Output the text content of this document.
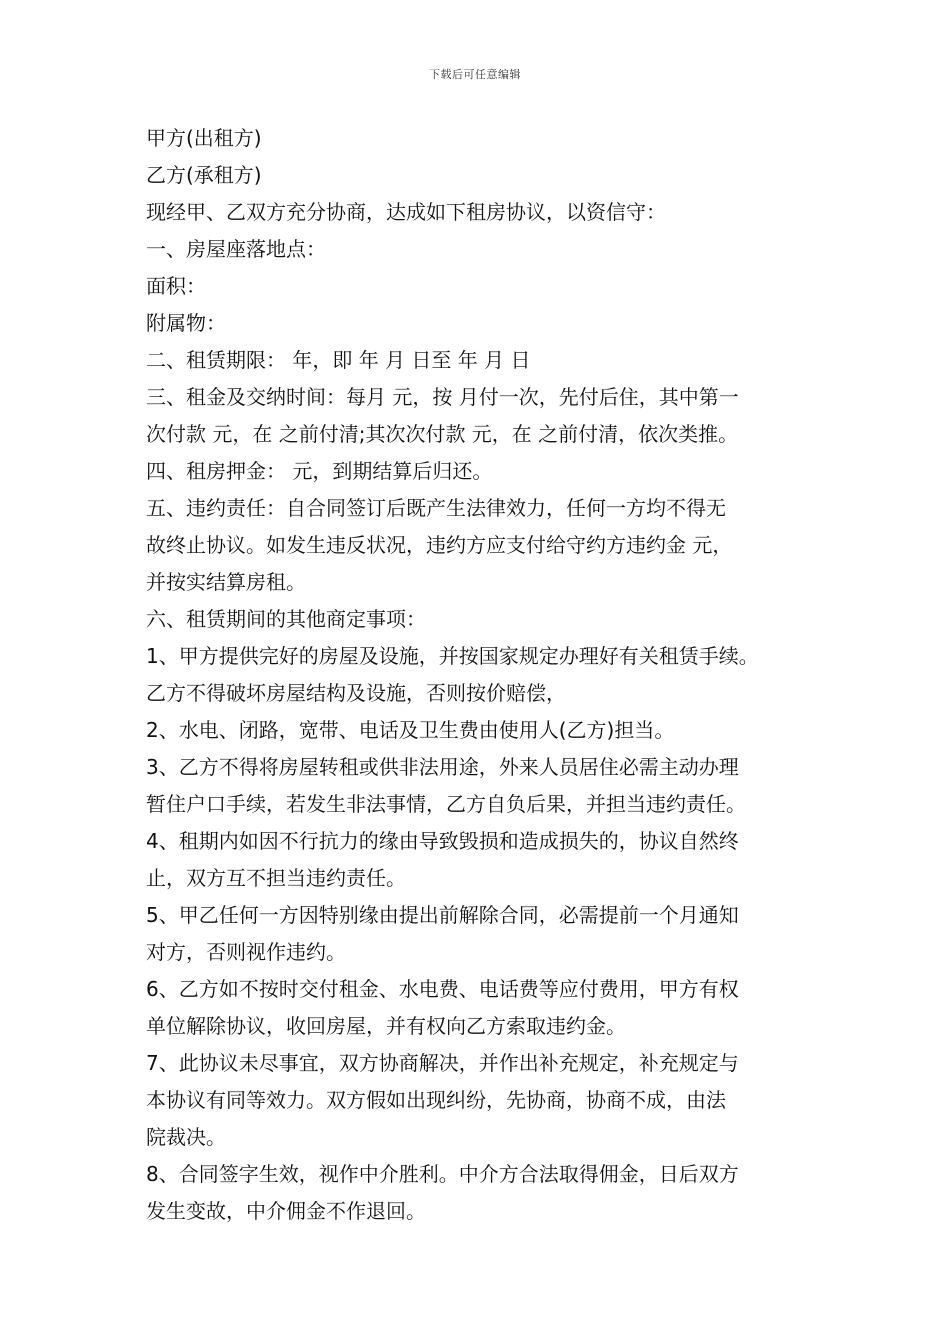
下载后可任意编辑
甲方(出租方)
乙方(承租方)
现经甲、乙双方充分协商，达成如下租房协议，以资信守：
一、房屋座落地点：
面积：
附属物：
二、租赁期限： 年，即 年 月 日至 年 月 日
三、租金及交纳时间：每月 元，按 月付一次，先付后住，其中第一
次付款 元，在 之前付清;其次次付款 元，在 之前付清，依次类推。
四、租房押金： 元，到期结算后归还。
五、违约责任：自合同签订后既产生法律效力，任何一方均不得无
故终止协议。如发生违反状况，违约方应支付给守约方违约金 元，
并按实结算房租。
六、租赁期间的其他商定事项：
1、甲方提供完好的房屋及设施，并按国家规定办理好有关租赁手续。
乙方不得破坏房屋结构及设施，否则按价赔偿，
2、水电、闭路，宽带、电话及卫生费由使用人(乙方)担当。
3、乙方不得将房屋转租或供非法用途，外来人员居住必需主动办理
暂住户口手续，若发生非法事情，乙方自负后果，并担当违约责任。
4、租期内如因不行抗力的缘由导致毁损和造成损失的，协议自然终
止，双方互不担当违约责任。
5、甲乙任何一方因特别缘由提出前解除合同，必需提前一个月通知
对方，否则视作违约。
6、乙方如不按时交付租金、水电费、电话费等应付费用，甲方有权
单位解除协议，收回房屋，并有权向乙方索取违约金。
7、此协议未尽事宜，双方协商解决，并作出补充规定，补充规定与
本协议有同等效力。双方假如出现纠纷，先协商，协商不成，由法
院裁决。
8、合同签字生效，视作中介胜利。中介方合法取得佣金，日后双方
发生变故，中介佣金不作退回。
